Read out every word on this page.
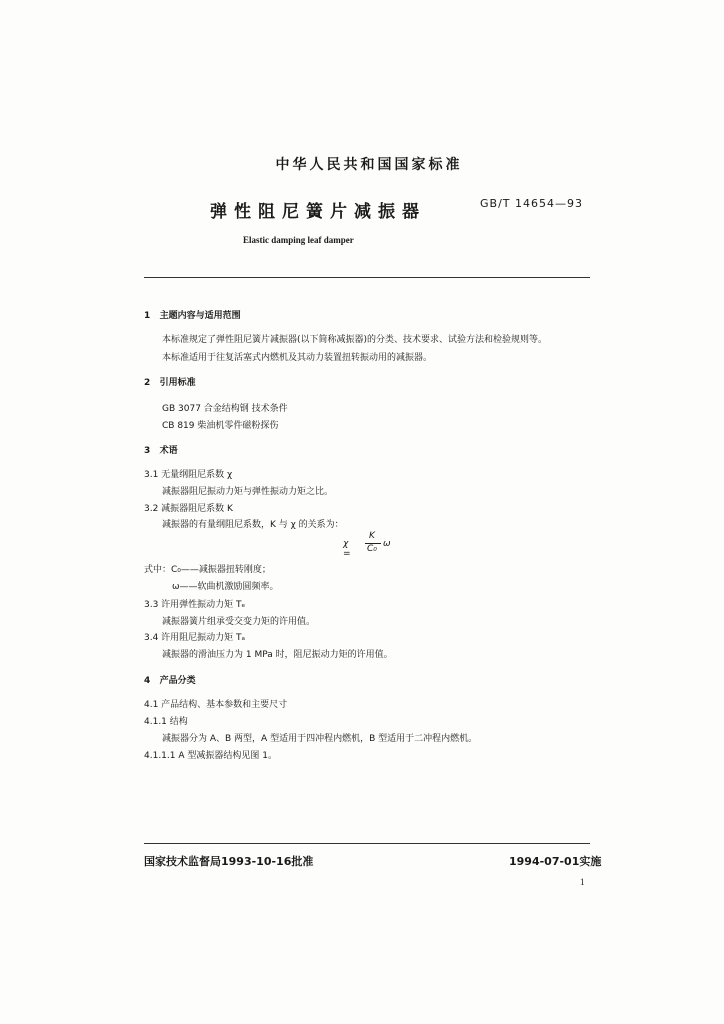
中华人民共和国国家标准
弹性阻尼簧片减振器	GB/T 14654—93
Elastic damping leaf damper
1 主题内容与适用范围
本标准规定了弹性阻尼簧片减振器(以下简称减振器)的分类、技术要求、试验方法和检验规则等。
本标准适用于往复活塞式内燃机及其动力装置扭转振动用的减振器。
2 引用标准
GB 3077 合金结构钢 技术条件
CB 819 柴油机零件磁粉探伤
3 术语
3.1 无量纲阻尼系数 χ
减振器阻尼振动力矩与弹性振动力矩之比。
3.2 减振器阻尼系数 K
减振器的有量纲阻尼系数，K 与 χ 的关系为：
χ =
K
C₀ ω
式中：C₀——减振器扭转刚度；
ω——软曲机激励圆频率。
3.3 许用弹性振动力矩 Tₑ
减振器簧片组承受交变力矩的许用值。
3.4 许用阻尼振动力矩 Tₐ
减振器的滑油压力为 1 MPa 时，阻尼振动力矩的许用值。
4 产品分类
4.1 产品结构、基本参数和主要尺寸
4.1.1 结构
减振器分为 A、B 两型，A 型适用于四冲程内燃机，B 型适用于二冲程内燃机。
4.1.1.1 A 型减振器结构见图 1。
国家技术监督局1993-10-16批准	1994-07-01实施
1
